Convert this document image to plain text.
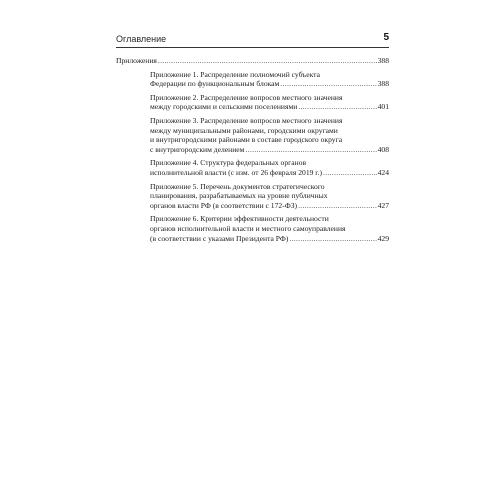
Оглавление	5
Приложения .....	388
Приложение 1. Распределение полномочий субъекта
Федерации по функциональным блокам .....	388
Приложение 2. Распределение вопросов местного значения
между городскими и сельскими поселениями .....	401
Приложение 3. Распределение вопросов местного значения
между муниципальными районами, городскими округами
и внутригородскими районами в составе городского округа
с внутригородским делением .....	408
Приложение 4. Структура федеральных органов
исполнительной власти (с изм. от 26 февраля 2019 г.) .....	424
Приложение 5. Перечень документов стратегического
планирования, разрабатываемых на уровне публичных
органов власти РФ (в соответствии с 172-ФЗ) .....	427
Приложение 6. Критерии эффективности деятельности
органов исполнительной власти и местного самоуправления
(в соответствии с указами Президента РФ) .....	429
